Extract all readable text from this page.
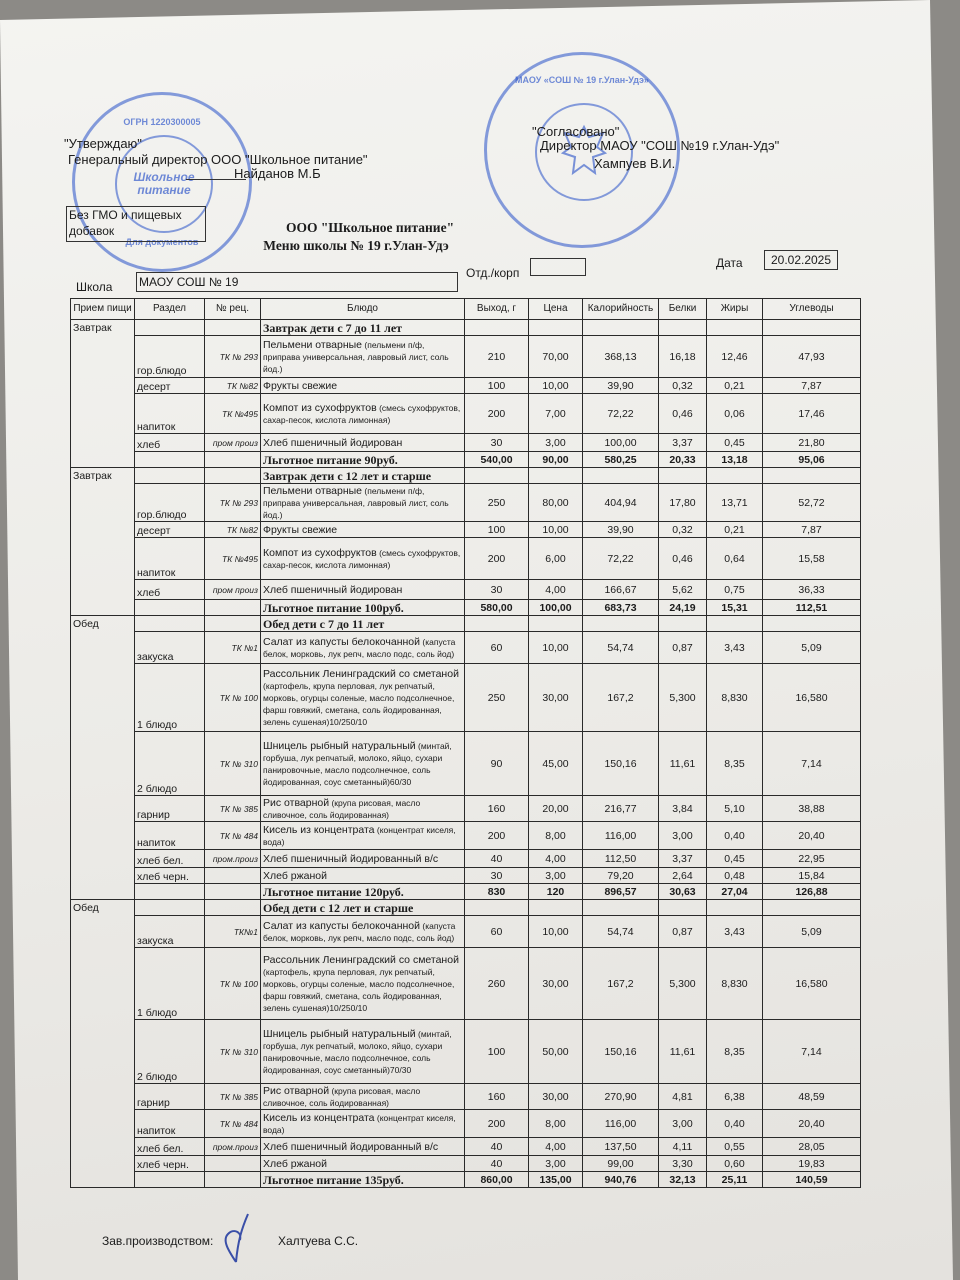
ОГРН 1220300005
Школьное питание
Для документов
МАОУ «СОШ № 19 г.Улан-Удэ»
"Утверждаю"
Генеральный директор ООО "Школьное питание"
Найданов М.Б
Без ГМО и пищевых
добавок
"Согласовано"
Директор МАОУ "СОШ №19 г.Улан-Удэ"
Хампуев В.И.
ООО "Школьное питание"
Меню школы № 19 г.Улан-Удэ
Дата	20.02.2025
Школа МАОУ СОШ № 19
Отд./корп
Прием пищи	Раздел	№ рец.	Блюдо	Выход, г	Цена	Калорийность	Белки	Жиры	Углеводы
Завтрак			Завтрак дети с 7 до 11 лет						
	гор.блюдо	ТК № 293	Пельмени отварные (пельмени п/ф, приправа универсальная, лавровый лист, соль йод.)	210	70,00	368,13	16,18	12,46	47,93
	десерт	ТК №82	Фрукты свежие	100	10,00	39,90	0,32	0,21	7,87
	напиток	ТК №495	Компот из сухофруктов (смесь сухофруктов, сахар-песок, кислота лимонная)	200	7,00	72,22	0,46	0,06	17,46
	хлеб	пром произ	Хлеб пшеничный йодирован	30	3,00	100,00	3,37	0,45	21,80
			Льготное питание 90руб.	540,00	90,00	580,25	20,33	13,18	95,06
Завтрак			Завтрак дети с 12 лет и старше						
	гор.блюдо	ТК № 293	Пельмени отварные (пельмени п/ф, приправа универсальная, лавровый лист, соль йод.)	250	80,00	404,94	17,80	13,71	52,72
	десерт	ТК №82	Фрукты свежие	100	10,00	39,90	0,32	0,21	7,87
	напиток	ТК №495	Компот из сухофруктов (смесь сухофруктов, сахар-песок, кислота лимонная)	200	6,00	72,22	0,46	0,64	15,58
	хлеб	пром произ	Хлеб пшеничный йодирован	30	4,00	166,67	5,62	0,75	36,33
			Льготное питание 100руб.	580,00	100,00	683,73	24,19	15,31	112,51
Обед			Обед дети с 7 до 11 лет						
	закуска	ТК №1	Салат из капусты белокочанной (капуста белок, морковь, лук репч, масло подс, соль йод)	60	10,00	54,74	0,87	3,43	5,09
	1 блюдо	ТК № 100	Рассольник Ленинградский со сметаной (картофель, крупа перловая, лук репчатый, морковь, огурцы соленые, масло подсолнечное, фарш говяжий, сметана, соль йодированная, зелень сушеная)10/250/10	250	30,00	167,2	5,300	8,830	16,580
	2 блюдо	ТК № 310	Шницель рыбный натуральный (минтай, горбуша, лук репчатый, молоко, яйцо, сухари панировочные, масло подсолнечное, соль йодированная, соус сметанный)60/30	90	45,00	150,16	11,61	8,35	7,14
	гарнир	ТК № 385	Рис отварной (крупа рисовая, масло сливочное, соль йодированная)	160	20,00	216,77	3,84	5,10	38,88
	напиток	ТК № 484	Кисель из концентрата (концентрат киселя, вода)	200	8,00	116,00	3,00	0,40	20,40
	хлеб бел.	пром.произ	Хлеб пшеничный йодированный в/с	40	4,00	112,50	3,37	0,45	22,95
	хлеб черн.		Хлеб ржаной	30	3,00	79,20	2,64	0,48	15,84
			Льготное питание 120руб.	830	120	896,57	30,63	27,04	126,88
Обед			Обед дети с 12 лет и старше						
	закуска	ТК№1	Салат из капусты белокочанной (капуста белок, морковь, лук репч, масло подс, соль йод)	60	10,00	54,74	0,87	3,43	5,09
	1 блюдо	ТК № 100	Рассольник Ленинградский со сметаной (картофель, крупа перловая, лук репчатый, морковь, огурцы соленые, масло подсолнечное, фарш говяжий, сметана, соль йодированная, зелень сушеная)10/250/10	260	30,00	167,2	5,300	8,830	16,580
	2 блюдо	ТК № 310	Шницель рыбный натуральный (минтай, горбуша, лук репчатый, молоко, яйцо, сухари панировочные, масло подсолнечное, соль йодированная, соус сметанный)70/30	100	50,00	150,16	11,61	8,35	7,14
	гарнир	ТК № 385	Рис отварной (крупа рисовая, масло сливочное, соль йодированная)	160	30,00	270,90	4,81	6,38	48,59
	напиток	ТК № 484	Кисель из концентрата (концентрат киселя, вода)	200	8,00	116,00	3,00	0,40	20,40
	хлеб бел.	пром.произ	Хлеб пшеничный йодированный в/с	40	4,00	137,50	4,11	0,55	28,05
	хлеб черн.		Хлеб ржаной	40	3,00	99,00	3,30	0,60	19,83
			Льготное питание 135руб.	860,00	135,00	940,76	32,13	25,11	140,59
Зав.производством:	Халтуева С.С.
